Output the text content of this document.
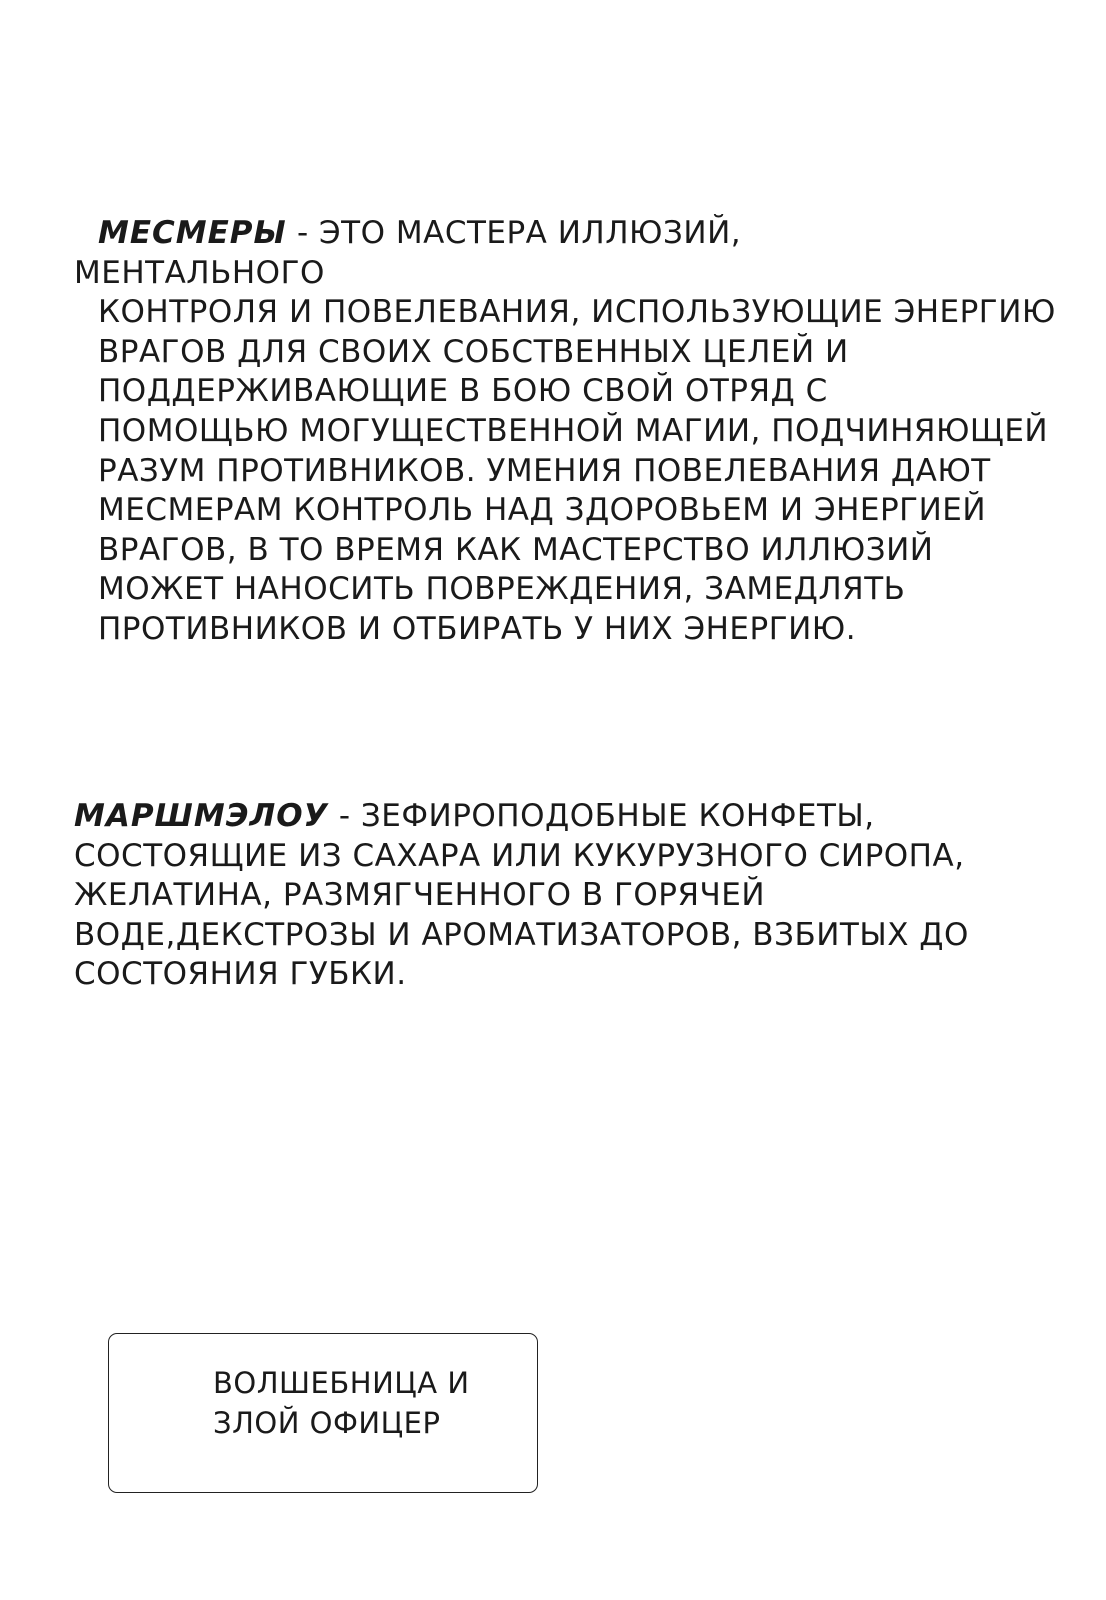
МЕСМЕРЫ - ЭТО МАСТЕРА ИЛЛЮЗИЙ, МЕНТАЛЬНОГО
КОНТРОЛЯ И ПОВЕЛЕВАНИЯ, ИСПОЛЬЗУЮЩИЕ ЭНЕРГИЮ
ВРАГОВ ДЛЯ СВОИХ СОБСТВЕННЫХ ЦЕЛЕЙ И
ПОДДЕРЖИВАЮЩИЕ В БОЮ СВОЙ ОТРЯД С
ПОМОЩЬЮ МОГУЩЕСТВЕННОЙ МАГИИ, ПОДЧИНЯЮЩЕЙ
РАЗУМ ПРОТИВНИКОВ. УМЕНИЯ ПОВЕЛЕВАНИЯ ДАЮТ
МЕСМЕРАМ КОНТРОЛЬ НАД ЗДОРОВЬЕМ И ЭНЕРГИЕЙ
ВРАГОВ, В ТО ВРЕМЯ КАК МАСТЕРСТВО ИЛЛЮЗИЙ
МОЖЕТ НАНОСИТЬ ПОВРЕЖДЕНИЯ, ЗАМЕДЛЯТЬ
ПРОТИВНИКОВ И ОТБИРАТЬ У НИХ ЭНЕРГИЮ.

МАРШМЭЛОУ - ЗЕФИРОПОДОБНЫЕ КОНФЕТЫ,
СОСТОЯЩИЕ ИЗ САХАРА ИЛИ КУКУРУЗНОГО СИРОПА,
ЖЕЛАТИНА, РАЗМЯГЧЕННОГО В ГОРЯЧЕЙ
ВОДЕ,ДЕКСТРОЗЫ И АРОМАТИЗАТОРОВ, ВЗБИТЫХ ДО
СОСТОЯНИЯ ГУБКИ.

ВОЛШЕБНИЦА И
ЗЛОЙ ОФИЦЕР
